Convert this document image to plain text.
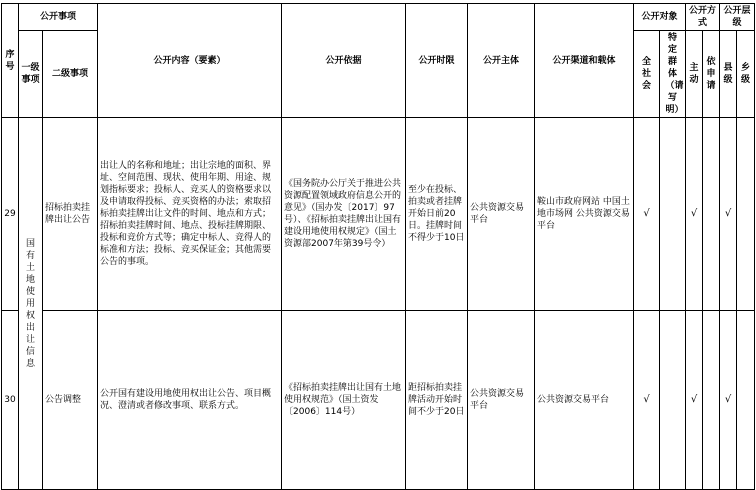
序号	公开事项		公开内容（要素）	公开依据	公开时限	公开主体	公开渠道和载体	公开对象		公开方式		公开层级	
	一级事项	二级事项						全社会	特定群体（请写明）	主动	依申请	县级	乡级

29	国有土地使用权出让信息	招标拍卖挂牌出让公告	出让人的名称和地址；出让宗地的面积、界址、空间范围、现状、使用年期、用途、规划指标要求；投标人、竞买人的资格要求以及申请取得投标、竞买资格的办法；索取招标拍卖挂牌出让文件的时间、地点和方式；招标拍卖挂牌时间、地点、投标挂牌期限、投标和竞价方式等；确定中标人、竞得人的标准和方法；投标、竞买保证金；其他需要公告的事项。	《国务院办公厅关于推进公共资源配置领域政府信息公开的意见》（国办发〔2017〕97号）、《招标拍卖挂牌出让国有建设用地使用权规定》（国土资源部2007年第39号令）	至少在投标、拍卖或者挂牌开始日前20日。挂牌时间不得少于10日	公共资源交易平台	鞍山市政府网站 中国土地市场网 公共资源交易平台	√		√		√	
30		公告调整	公开国有建设用地使用权出让公告、项目概况、澄清或者修改事项、联系方式。	《招标拍卖挂牌出让国有土地使用权规范》（国土资发〔2006〕114号）	距招标拍卖挂牌活动开始时间不少于20日	公共资源交易平台	公共资源交易平台	√		√		√	
